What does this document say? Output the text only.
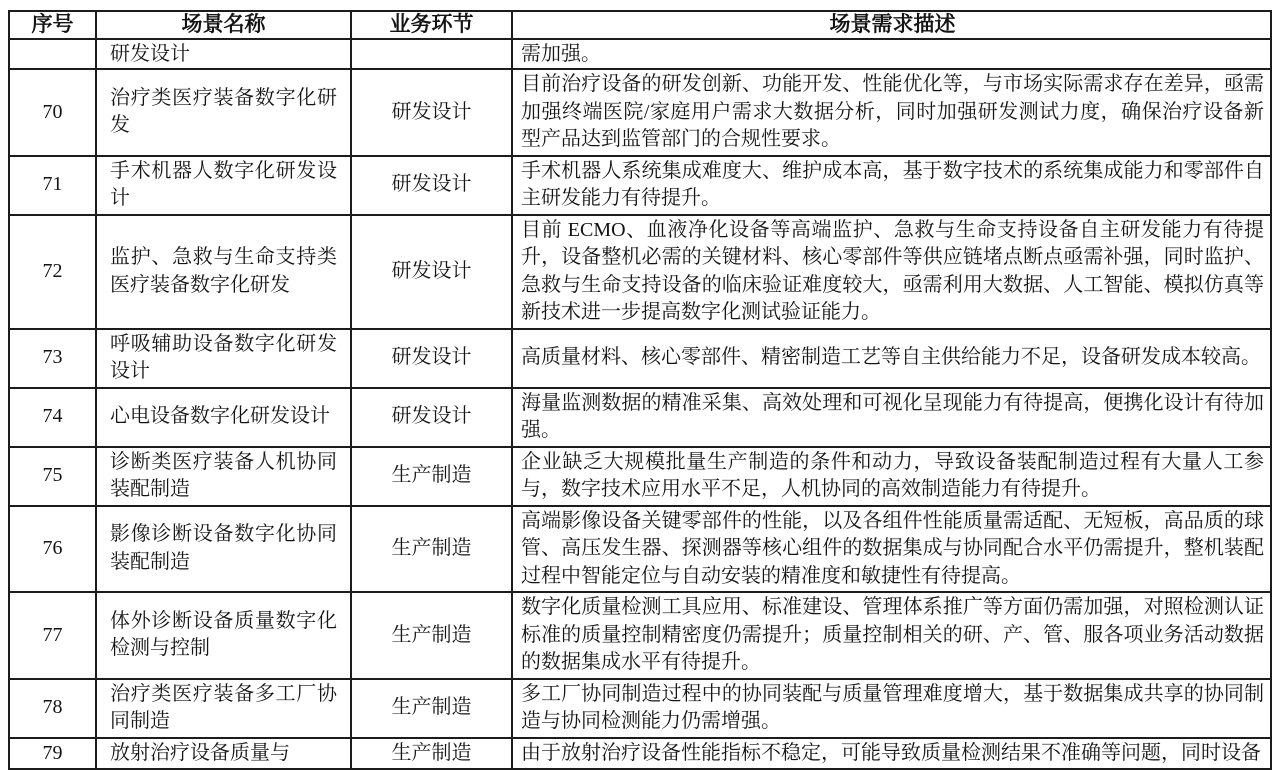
序号	场景名称	业务环节	场景需求描述
	研发设计		需加强。
70	治疗类医疗装备数字化研发	研发设计	目前治疗设备的研发创新、功能开发、性能优化等，与市场实际需求存在差异，亟需加强终端医院/家庭用户需求大数据分析，同时加强研发测试力度，确保治疗设备新型产品达到监管部门的合规性要求。
71	手术机器人数字化研发设计	研发设计	手术机器人系统集成难度大、维护成本高，基于数字技术的系统集成能力和零部件自主研发能力有待提升。
72	监护、急救与生命支持类医疗装备数字化研发	研发设计	目前 ECMO、血液净化设备等高端监护、急救与生命支持设备自主研发能力有待提升，设备整机必需的关键材料、核心零部件等供应链堵点断点亟需补强，同时监护、急救与生命支持设备的临床验证难度较大，亟需利用大数据、人工智能、模拟仿真等新技术进一步提高数字化测试验证能力。
73	呼吸辅助设备数字化研发设计	研发设计	高质量材料、核心零部件、精密制造工艺等自主供给能力不足，设备研发成本较高。
74	心电设备数字化研发设计	研发设计	海量监测数据的精准采集、高效处理和可视化呈现能力有待提高，便携化设计有待加强。
75	诊断类医疗装备人机协同装配制造	生产制造	企业缺乏大规模批量生产制造的条件和动力，导致设备装配制造过程有大量人工参与，数字技术应用水平不足，人机协同的高效制造能力有待提升。
76	影像诊断设备数字化协同装配制造	生产制造	高端影像设备关键零部件的性能，以及各组件性能质量需适配、无短板，高品质的球管、高压发生器、探测器等核心组件的数据集成与协同配合水平仍需提升，整机装配过程中智能定位与自动安装的精准度和敏捷性有待提高。
77	体外诊断设备质量数字化检测与控制	生产制造	数字化质量检测工具应用、标准建设、管理体系推广等方面仍需加强，对照检测认证标准的质量控制精密度仍需提升；质量控制相关的研、产、管、服各项业务活动数据的数据集成水平有待提升。
78	治疗类医疗装备多工厂协同制造	生产制造	多工厂协同制造过程中的协同装配与质量管理难度增大，基于数据集成共享的协同制造与协同检测能力仍需增强。
79	放射治疗设备质量与	生产制造	由于放射治疗设备性能指标不稳定，可能导致质量检测结果不准确等问题，同时设备
